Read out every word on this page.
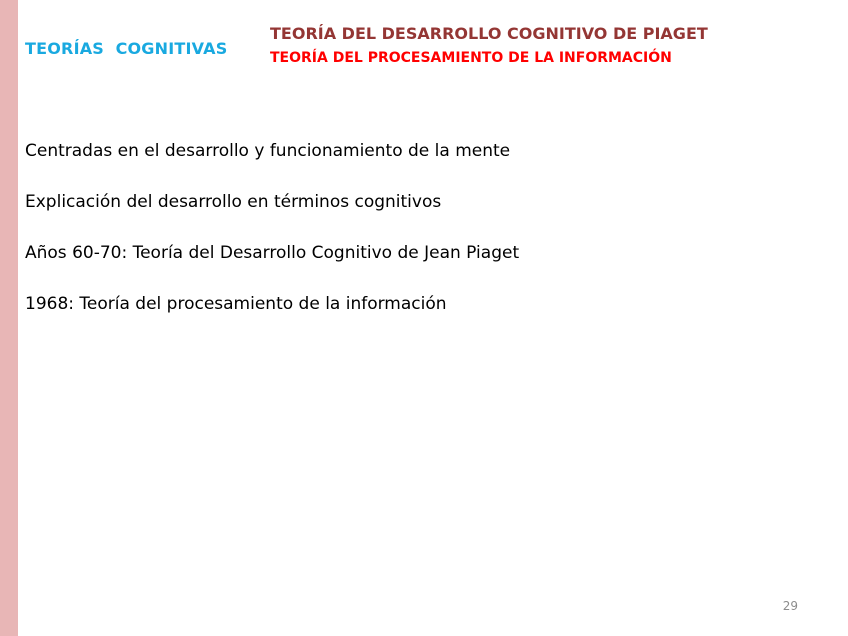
TEORÍAS  COGNITIVAS
TEORÍA DEL DESARROLLO COGNITIVO DE PIAGET
TEORÍA DEL PROCESAMIENTO DE LA INFORMACIÓN
Centradas en el desarrollo y funcionamiento de la mente
Explicación del desarrollo en términos cognitivos
Años 60-70: Teoría del Desarrollo Cognitivo de Jean Piaget
1968: Teoría del procesamiento de la información
29
